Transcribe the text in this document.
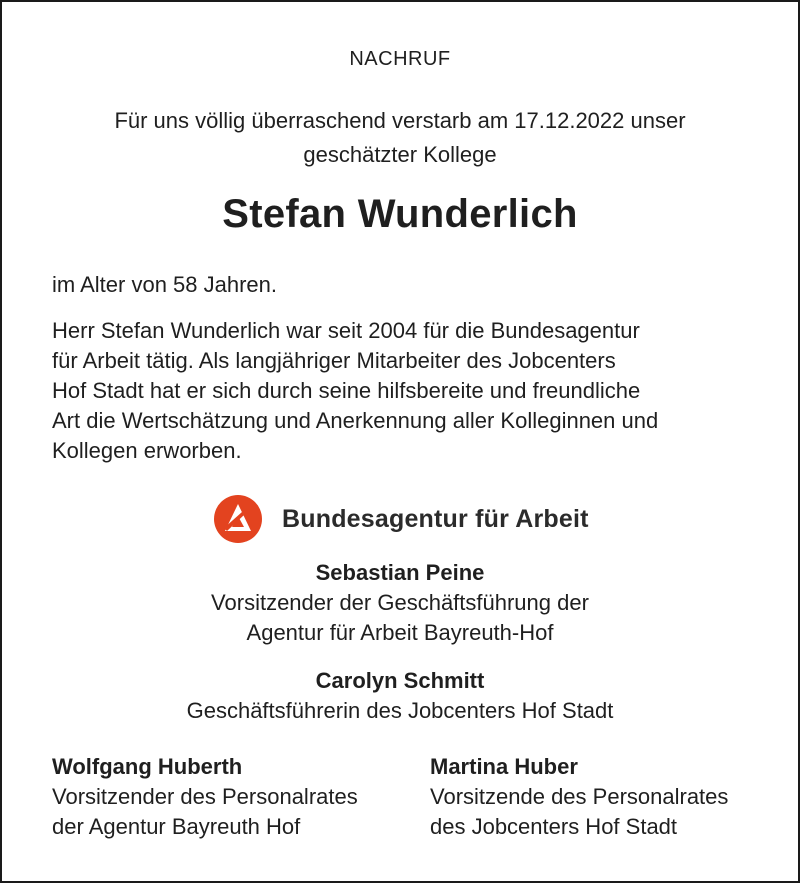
NACHRUF
Für uns völlig überraschend verstarb am 17.12.2022 unser
geschätzter Kollege
Stefan Wunderlich
im Alter von 58 Jahren.
Herr Stefan Wunderlich war seit 2004 für die Bundesagentur
für Arbeit tätig. Als langjähriger Mitarbeiter des Jobcenters
Hof Stadt hat er sich durch seine hilfsbereite und freundliche
Art die Wertschätzung und Anerkennung aller Kolleginnen und
Kollegen erworben.
Bundesagentur für Arbeit
Sebastian Peine
Vorsitzender der Geschäftsführung der
Agentur für Arbeit Bayreuth-Hof
Carolyn Schmitt
Geschäftsführerin des Jobcenters Hof Stadt
Wolfgang Huberth
Vorsitzender des Personalrates
der Agentur Bayreuth Hof
Martina Huber
Vorsitzende des Personalrates
des Jobcenters Hof Stadt
